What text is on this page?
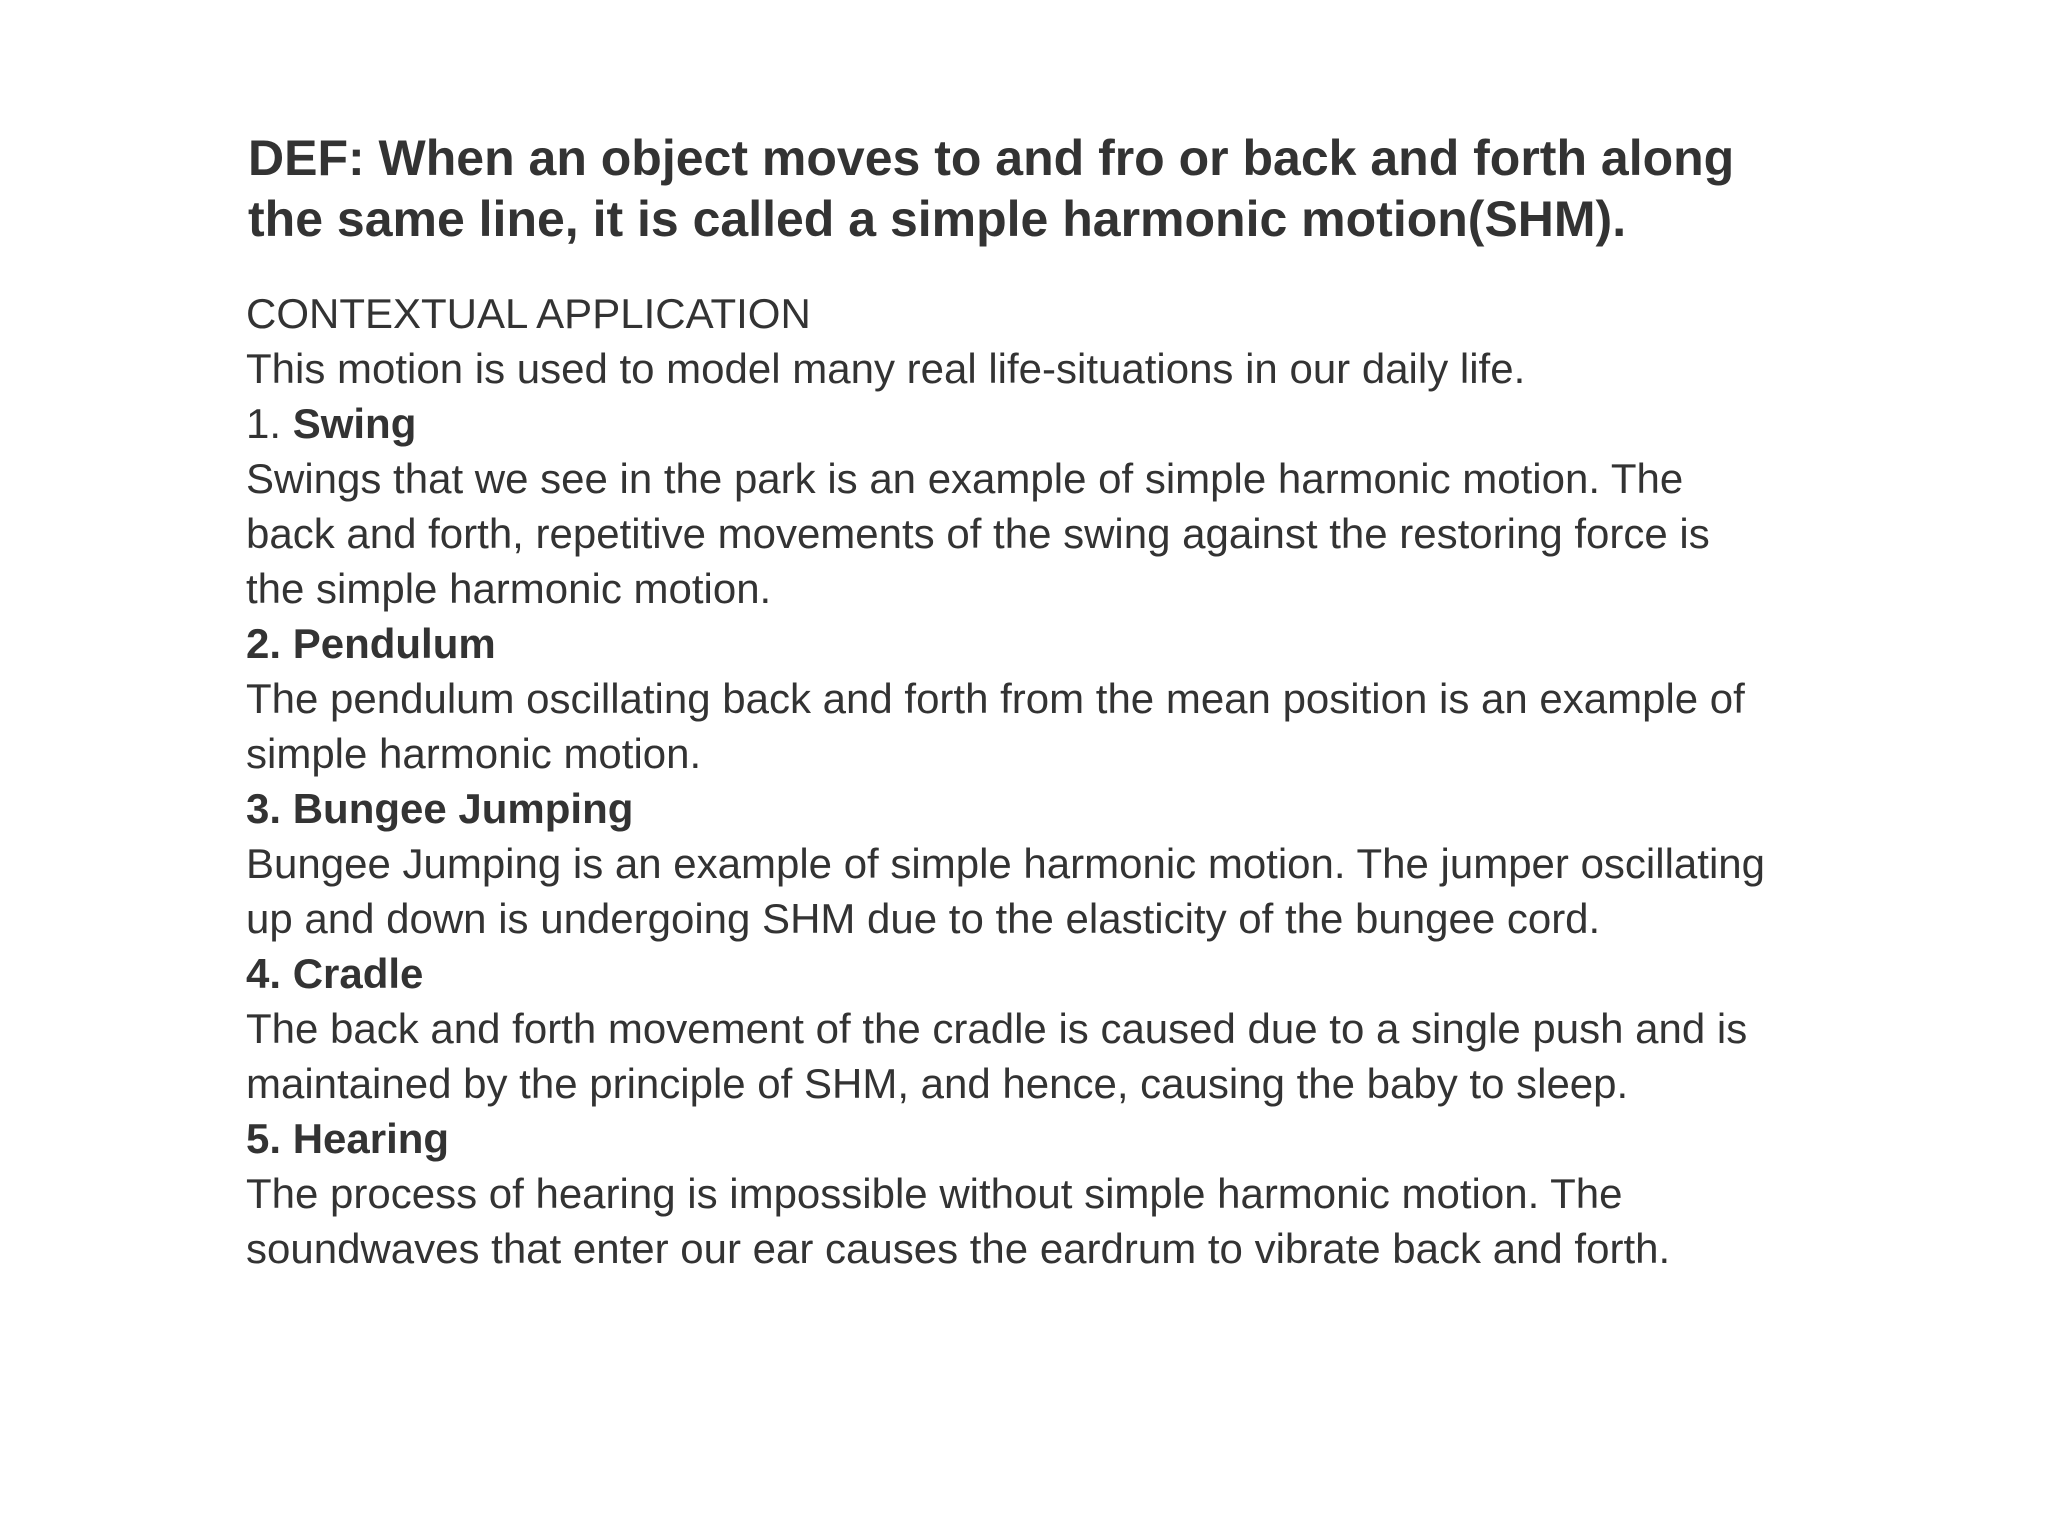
DEF: When an object moves to and fro or back and forth along
the same line, it is called a simple harmonic motion(SHM).
CONTEXTUAL APPLICATION
This motion is used to model many real life-situations in our daily life.
1. Swing
Swings that we see in the park is an example of simple harmonic motion. The
back and forth, repetitive movements of the swing against the restoring force is
the simple harmonic motion.
2. Pendulum
The pendulum oscillating back and forth from the mean position is an example of
simple harmonic motion.
3. Bungee Jumping
Bungee Jumping is an example of simple harmonic motion. The jumper oscillating
up and down is undergoing SHM due to the elasticity of the bungee cord.
4. Cradle
The back and forth movement of the cradle is caused due to a single push and is
maintained by the principle of SHM, and hence, causing the baby to sleep.
5. Hearing
The process of hearing is impossible without simple harmonic motion. The
soundwaves that enter our ear causes the eardrum to vibrate back and forth.
